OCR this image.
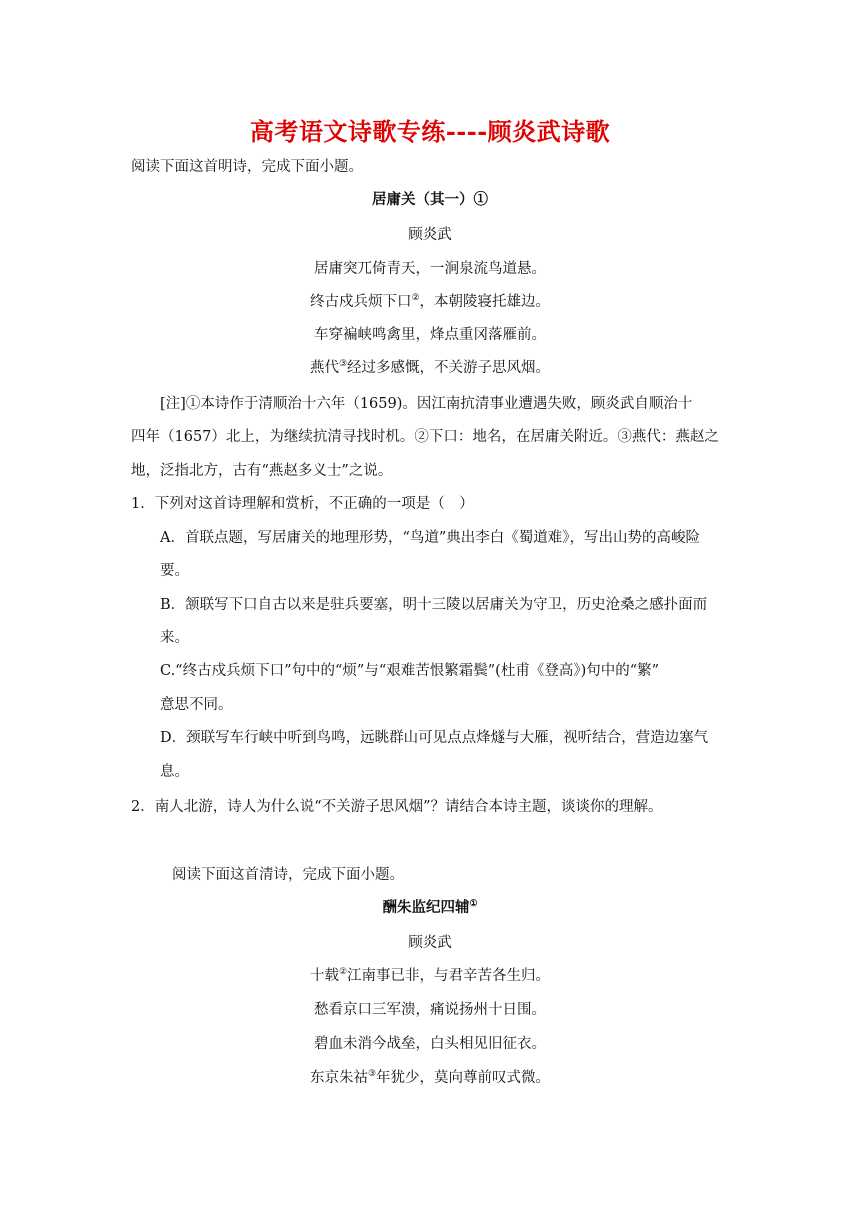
高考语文诗歌专练----顾炎武诗歌
阅读下面这首明诗，完成下面小题。
居庸关（其一）①
顾炎武
居庸突兀倚青天，一涧泉流鸟道悬。
终古戍兵烦下口②，本朝陵寝托雄边。
车穿褊峡鸣禽里，烽点重冈落雁前。
燕代③经过多感慨，不关游子思风烟。
[注]①本诗作于清顺治十六年（1659)。因江南抗清事业遭遇失败，顾炎武自顺治十
四年（1657）北上，为继续抗清寻找时机。②下口：地名，在居庸关附近。③燕代：燕赵之
地，泛指北方，古有“燕赵多义士”之说。
1．下列对这首诗理解和赏析，不正确的一项是（　）
A．首联点题，写居庸关的地理形势，“鸟道”典出李白《蜀道难》，写出山势的高峻险
要。
B．颔联写下口自古以来是驻兵要塞，明十三陵以居庸关为守卫，历史沧桑之感扑面而
来。
C.“终古戍兵烦下口”句中的“烦”与“艰难苦恨繁霜鬓”(杜甫《登高》)句中的“繁”
意思不同。
D．颈联写车行峡中听到鸟鸣，远眺群山可见点点烽燧与大雁，视听结合，营造边塞气
息。
2．南人北游，诗人为什么说“不关游子思风烟”？请结合本诗主题，谈谈你的理解。
阅读下面这首清诗，完成下面小题。
酬朱监纪四辅①
顾炎武
十载②江南事已非，与君辛苦各生归。
愁看京口三军溃，痛说扬州十日围。
碧血未消今战垒，白头相见旧征衣。
东京朱祜③年犹少，莫向尊前叹式微。
